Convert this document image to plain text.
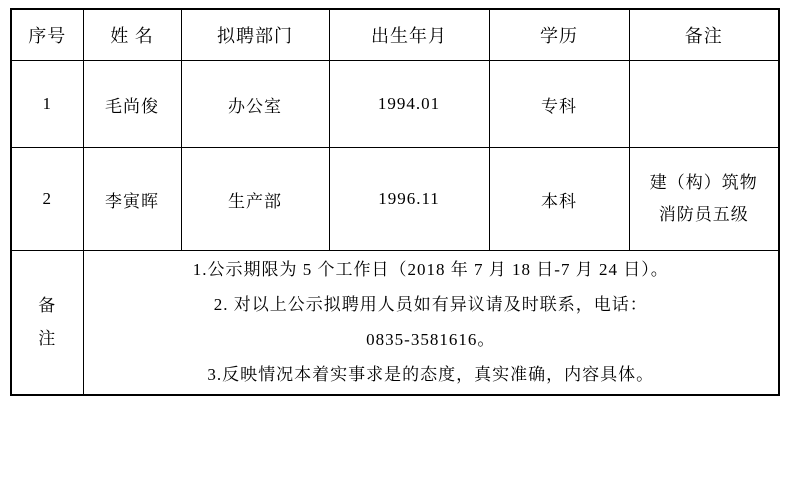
序号	姓 名	拟聘部门	出生年月	学历	备注
1	毛尚俊	办公室	1994.01	专科	

2	李寅晖	生产部	1996.11	本科	建（构）筑物
消防员五级

备
注

1.公示期限为 5 个工作日（2018 年 7 月 18 日-7 月 24 日）。

2. 对以上公示拟聘用人员如有异议请及时联系，电话：

0835-3581616。

3.反映情况本着实事求是的态度，真实准确，内容具体。
